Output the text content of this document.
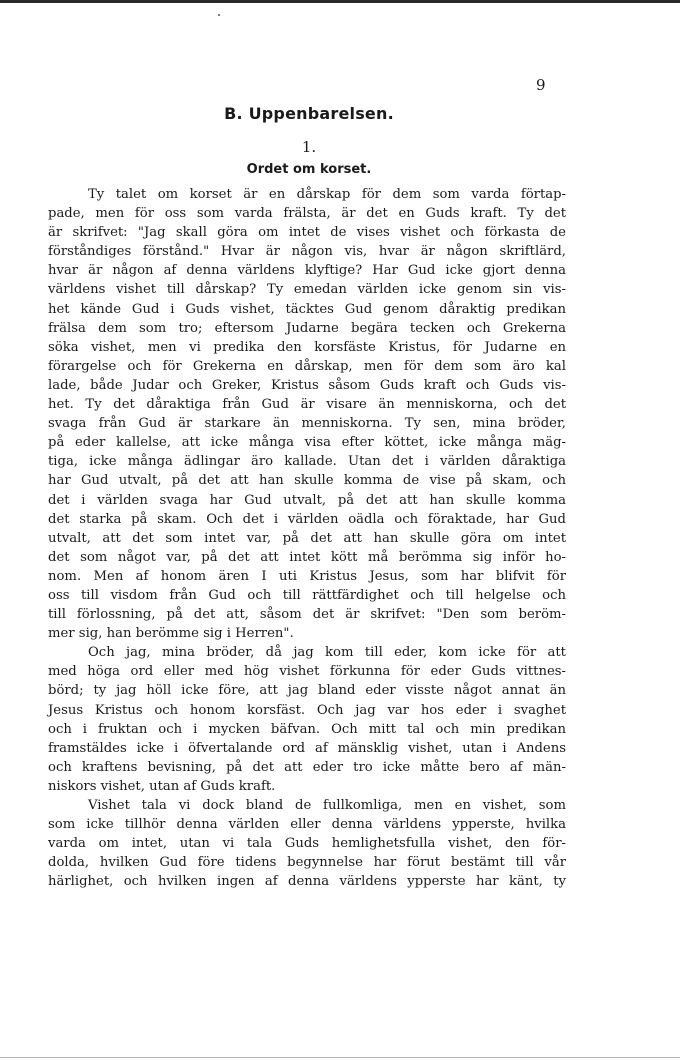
9
B. Uppenbarelsen.
1.
Ordet om korset.
Ty talet om korset är en dårskap för dem som varda förtap-
pade, men för oss som varda frälsta, är det en Guds kraft. Ty det
är skrifvet: "Jag skall göra om intet de vises vishet och förkasta de
förståndiges förstånd." Hvar är någon vis, hvar är någon skriftlärd,
hvar är någon af denna världens klyftige? Har Gud icke gjort denna
världens vishet till dårskap? Ty emedan världen icke genom sin vis-
het kände Gud i Guds vishet, täcktes Gud genom dåraktig predikan
frälsa dem som tro; eftersom Judarne begära tecken och Grekerna
söka vishet, men vi predika den korsfäste Kristus, för Judarne en
förargelse och för Grekerna en dårskap, men för dem som äro kal
lade, både Judar och Greker, Kristus såsom Guds kraft och Guds vis-
het. Ty det dåraktiga från Gud är visare än menniskorna, och det
svaga från Gud är starkare än menniskorna. Ty sen, mina bröder,
på eder kallelse, att icke många visa efter köttet, icke många mäg-
tiga, icke många ädlingar äro kallade. Utan det i världen dåraktiga
har Gud utvalt, på det att han skulle komma de vise på skam, och
det i världen svaga har Gud utvalt, på det att han skulle komma
det starka på skam. Och det i världen oädla och föraktade, har Gud
utvalt, att det som intet var, på det att han skulle göra om intet
det som något var, på det att intet kött må berömma sig inför ho-
nom. Men af honom ären I uti Kristus Jesus, som har blifvit för
oss till visdom från Gud och till rättfärdighet och till helgelse och
till förlossning, på det att, såsom det är skrifvet: "Den som beröm-
mer sig, han berömme sig i Herren".
Och jag, mina bröder, då jag kom till eder, kom icke för att
med höga ord eller med hög vishet förkunna för eder Guds vittnes-
börd; ty jag höll icke före, att jag bland eder visste något annat än
Jesus Kristus och honom korsfäst. Och jag var hos eder i svaghet
och i fruktan och i mycken bäfvan. Och mitt tal och min predikan
framstäldes icke i öfvertalande ord af mänsklig vishet, utan i Andens
och kraftens bevisning, på det att eder tro icke måtte bero af män-
niskors vishet, utan af Guds kraft.
Vishet tala vi dock bland de fullkomliga, men en vishet, som
som icke tillhör denna världen eller denna världens ypperste, hvilka
varda om intet, utan vi tala Guds hemlighetsfulla vishet, den för-
dolda, hvilken Gud före tidens begynnelse har förut bestämt till vår
härlighet, och hvilken ingen af denna världens ypperste har känt, ty
